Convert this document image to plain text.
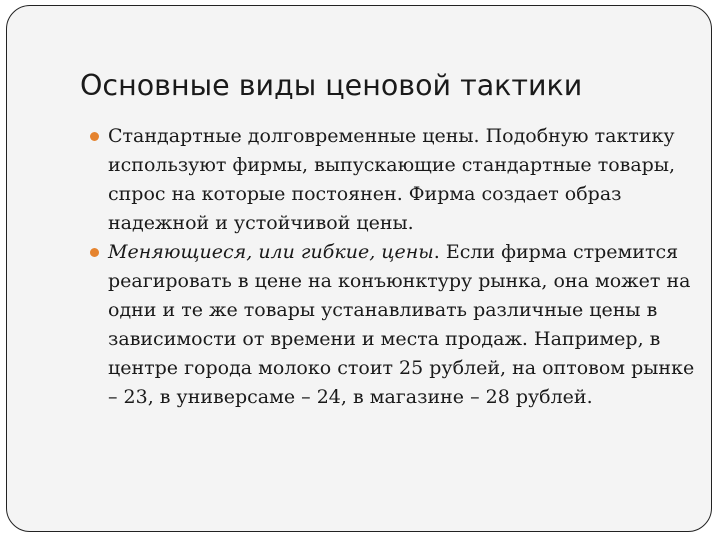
Основные виды ценовой тактики
Стандартные долговременные цены. Подобную тактику используют фирмы, выпускающие стандартные товары, спрос на которые постоянен. Фирма создает образ надежной и устойчивой цены.
Меняющиеся, или гибкие, цены. Если фирма стремится реагировать в цене на конъюнктуру рынка, она может на одни и те же товары устанавливать различные цены в зависимости от времени и места продаж. Например, в центре города молоко стоит 25 рублей, на оптовом рынке – 23, в универсаме – 24, в магазине – 28 рублей.
